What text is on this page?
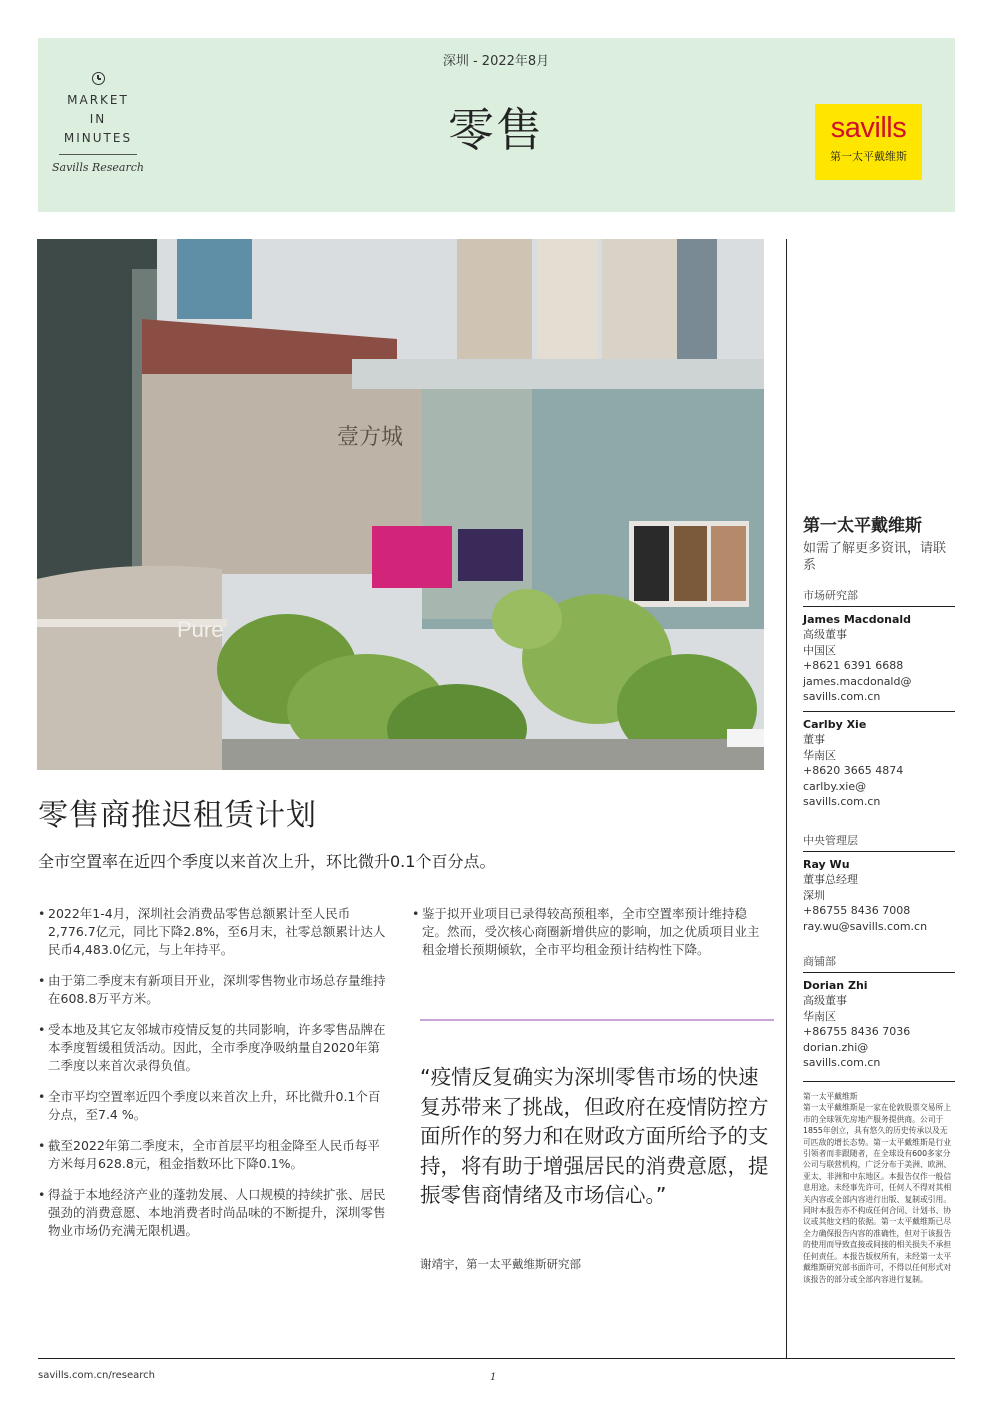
MARKET
IN
MINUTES
Savills Research
深圳 - 2022年8月
零售	savills
第一太平戴维斯
壹方城
Pure
零售商推迟租赁计划
全市空置率在近四个季度以来首次上升，环比微升0.1个百分点。
• 2022年1-4月，深圳社会消费品零售总额累计至人民币2,776.7亿元，同比下降2.8%，至6月末，社零总额累计达人民币4,483.0亿元，与上年持平。
• 由于第二季度末有新项目开业，深圳零售物业市场总存量维持在608.8万平方米。
• 受本地及其它友邻城市疫情反复的共同影响，许多零售品牌在本季度暂缓租赁活动。因此，全市季度净吸纳量自2020年第二季度以来首次录得负值。
• 全市平均空置率近四个季度以来首次上升，环比微升0.1个百分点，至7.4 %。
• 截至2022年第二季度末，全市首层平均租金降至人民币每平方米每月628.8元，租金指数环比下降0.1%。
• 得益于本地经济产业的蓬勃发展、人口规模的持续扩张、居民强劲的消费意愿、本地消费者时尚品味的不断提升，深圳零售物业市场仍充满无限机遇。
• 鉴于拟开业项目已录得较高预租率，全市空置率预计维持稳定。然而，受次核心商圈新增供应的影响，加之优质项目业主租金增长预期倾软，全市平均租金预计结构性下降。
“疫情反复确实为深圳零售市场的快速复苏带来了挑战，但政府在疫情防控方面所作的努力和在财政方面所给予的支持，将有助于增强居民的消费意愿，提振零售商情绪及市场信心。”
谢靖宇，第一太平戴维斯研究部
第一太平戴维斯
如需了解更多资讯，请联系
市场研究部
James Macdonald
高级董事
中国区
+8621 6391 6688
james.macdonald@
savills.com.cn
Carlby Xie
董事
华南区
+8620 3665 4874
carlby.xie@
savills.com.cn
中央管理层
Ray Wu
董事总经理
深圳
+86755 8436 7008
ray.wu@savills.com.cn
商铺部
Dorian Zhi
高级董事
华南区
+86755 8436 7036
dorian.zhi@
savills.com.cn
第一太平戴维斯
第一太平戴维斯是一家在伦敦股票交易所上市的全球领先房地产服务提供商。公司于1855年创立，具有悠久的历史传承以及无可匹敌的增长态势。第一太平戴维斯是行业引领者而非跟随者，在全球设有600多家分公司与联营机构，广泛分布于美洲、欧洲、亚太、非洲和中东地区。本报告仅作一般信息用途。未经事先许可，任何人不得对其相关内容或全部内容进行出版、复制或引用。同时本报告亦不构成任何合同、计划书、协议或其他文档的依据。第一太平戴维斯已尽全力确保报告内容的准确性，但对于该报告的使用而导致直接或间接的相关损失不承担任何责任。本报告版权所有，未经第一太平戴维斯研究部书面许可，不得以任何形式对该报告的部分或全部内容进行复制。
savills.com.cn/research	1
